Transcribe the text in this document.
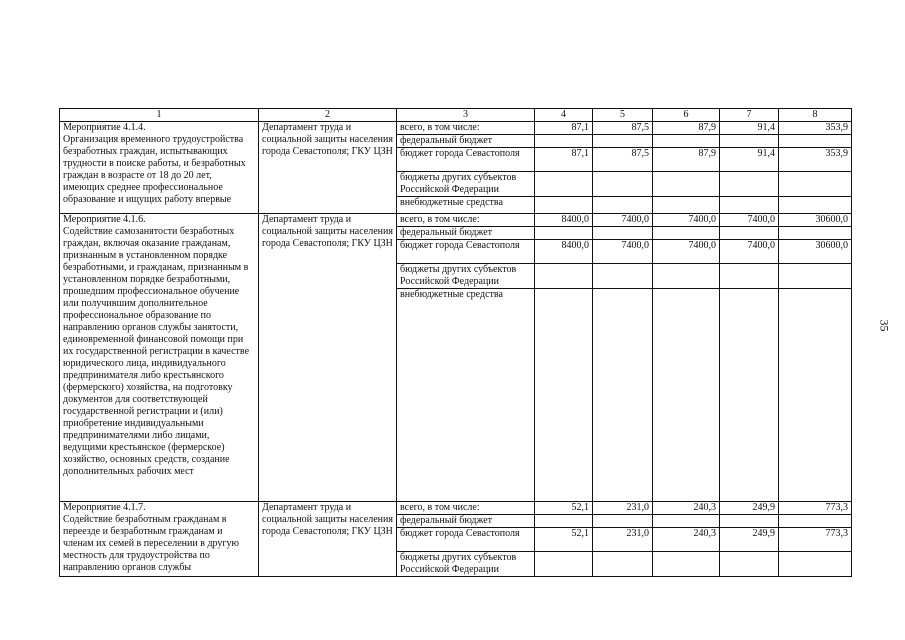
1	2	3	4	5	6	7	8
Мероприятие 4.1.4.
Организация временного трудоустройства безработных граждан, испытывающих трудности в поиске работы, и безработных граждан в возрасте от 18 до 20 лет, имеющих среднее профессиональное образование и ищущих работу впервые	Департамент труда и социальной защиты населения города Севастополя; ГКУ ЦЗН	всего, в том числе:	87,1	87,5	87,9	91,4	353,9
		федеральный бюджет					
		бюджет города Севастополя	87,1	87,5	87,9	91,4	353,9
		бюджеты других субъектов Российской Федерации					
		внебюджетные средства					
Мероприятие 4.1.6.
Содействие самозанятости безработных граждан, включая оказание гражданам, признанным в установленном порядке безработными, и гражданам, признанным в установленном порядке безработными, прошедшим профессиональное обучение или получившим дополнительное профессиональное образование по направлению органов службы занятости, единовременной финансовой помощи при их государственной регистрации в качестве юридического лица, индивидуального предпринимателя либо крестьянского (фермерского) хозяйства, на подготовку документов для соответствующей государственной регистрации и (или) приобретение индивидуальными предпринимателями либо лицами, ведущими крестьянское (фермерское) хозяйство, основных средств, создание дополнительных рабочих мест	Департамент труда и социальной защиты населения города Севастополя; ГКУ ЦЗН	всего, в том числе:	8400,0	7400,0	7400,0	7400,0	30600,0
		федеральный бюджет					
		бюджет города Севастополя	8400,0	7400,0	7400,0	7400,0	30600,0
		бюджеты других субъектов Российской Федерации					
		внебюджетные средства					
Мероприятие 4.1.7.
Содействие безработным гражданам в переезде и безработным гражданам и членам их семей в переселении в другую местность для трудоустройства по направлению органов службы	Департамент труда и социальной защиты населения города Севастополя; ГКУ ЦЗН	всего, в том числе:	52,1	231,0	240,3	249,9	773,3
		федеральный бюджет					
		бюджет города Севастополя	52,1	231,0	240,3	249,9	773,3
		бюджеты других субъектов Российской Федерации					
35
